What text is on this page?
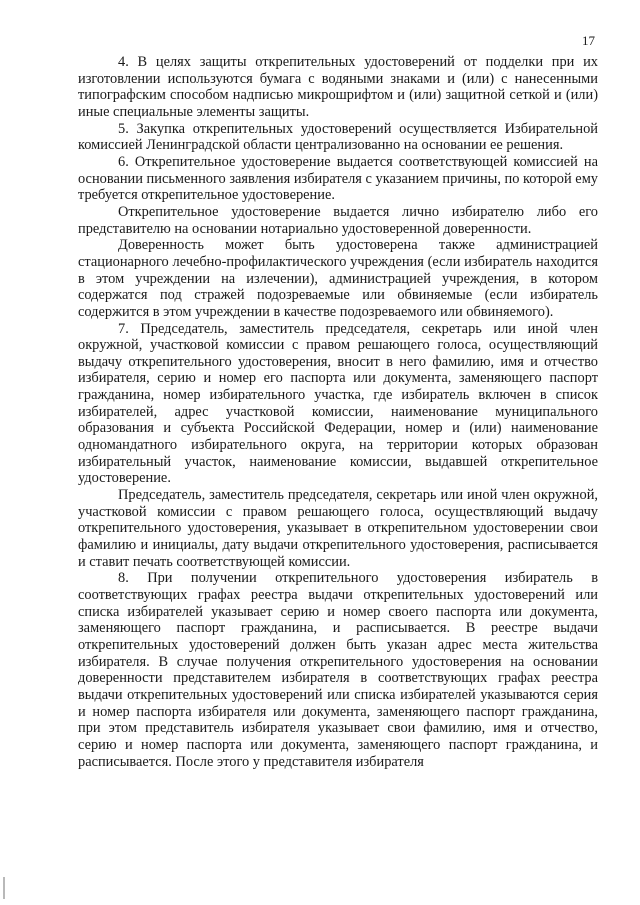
17

4. В целях защиты открепительных удостоверений от подделки при их изготовлении используются бумага с водяными знаками и (или) с нанесенными типографским способом надписью микрошрифтом и (или) защитной сеткой и (или) иные специальные элементы защиты.

5. Закупка открепительных удостоверений осуществляется Избирательной комиссией Ленинградской области централизованно на основании ее решения.

6. Открепительное удостоверение выдается соответствующей комиссией на основании письменного заявления избирателя с указанием причины, по которой ему требуется открепительное удостоверение.

Открепительное удостоверение выдается лично избирателю либо его представителю на основании нотариально удостоверенной доверенности.

Доверенность может быть удостоверена также администрацией стационарного лечебно-профилактического учреждения (если избиратель находится в этом учреждении на излечении), администрацией учреждения, в котором содержатся под стражей подозреваемые или обвиняемые (если избиратель содержится в этом учреждении в качестве подозреваемого или обвиняемого).

7. Председатель, заместитель председателя, секретарь или иной член окружной, участковой комиссии с правом решающего голоса, осуществляющий выдачу открепительного удостоверения, вносит в него фамилию, имя и отчество избирателя, серию и номер его паспорта или документа, заменяющего паспорт гражданина, номер избирательного участка, где избиратель включен в список избирателей, адрес участковой комиссии, наименование муниципального образования и субъекта Российской Федерации, номер и (или) наименование одномандатного избирательного округа, на территории которых образован избирательный участок, наименование комиссии, выдавшей открепительное удостоверение.

Председатель, заместитель председателя, секретарь или иной член окружной, участковой комиссии с правом решающего голоса, осуществляющий выдачу открепительного удостоверения, указывает в открепительном удостоверении свои фамилию и инициалы, дату выдачи открепительного удостоверения, расписывается и ставит печать соответствующей комиссии.

8. При получении открепительного удостоверения избиратель в соответствующих графах реестра выдачи открепительных удостоверений или списка избирателей указывает серию и номер своего паспорта или документа, заменяющего паспорт гражданина, и расписывается. В реестре выдачи открепительных удостоверений должен быть указан адрес места жительства избирателя. В случае получения открепительного удостоверения на основании доверенности представителем избирателя в соответствующих графах реестра выдачи открепительных удостоверений или списка избирателей указываются серия и номер паспорта избирателя или документа, заменяющего паспорт гражданина, при этом представитель избирателя указывает свои фамилию, имя и отчество, серию и номер паспорта или документа, заменяющего паспорт гражданина, и расписывается. После этого у представителя избирателя
